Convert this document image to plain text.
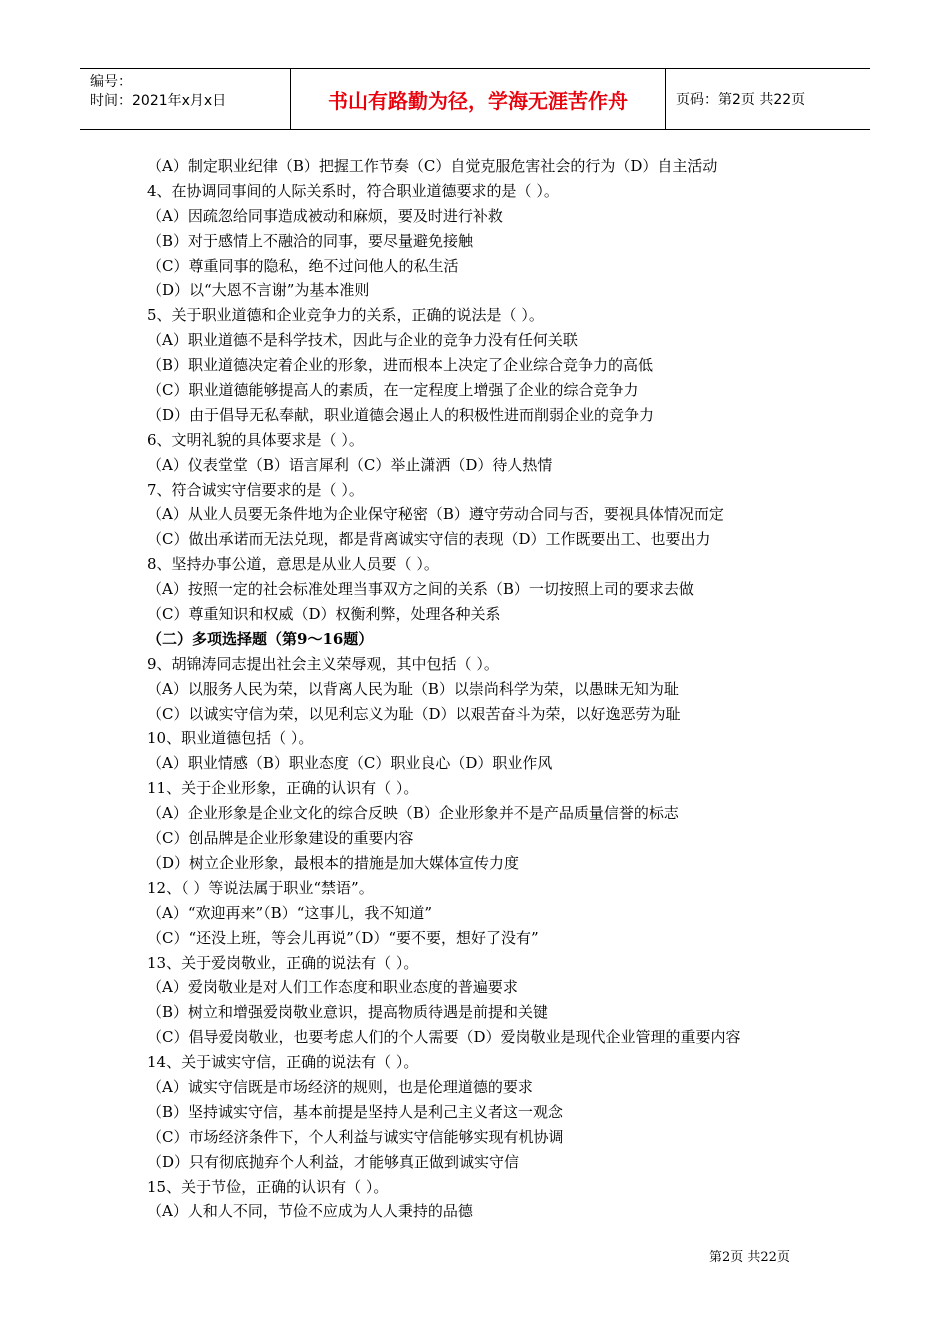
编号：
时间：2021年x月x日	书山有路勤为径，学海无涯苦作舟	页码：第2页 共22页
（A）制定职业纪律（B）把握工作节奏（C）自觉克服危害社会的行为（D）自主活动
4、在协调同事间的人际关系时，符合职业道德要求的是（ ）。
（A）因疏忽给同事造成被动和麻烦，要及时进行补救
（B）对于感情上不融洽的同事，要尽量避免接触
（C）尊重同事的隐私，绝不过问他人的私生活
（D）以“大恩不言谢”为基本准则
5、关于职业道德和企业竞争力的关系，正确的说法是（ ）。
（A）职业道德不是科学技术，因此与企业的竞争力没有任何关联
（B）职业道德决定着企业的形象，进而根本上决定了企业综合竞争力的高低
（C）职业道德能够提高人的素质，在一定程度上增强了企业的综合竞争力
（D）由于倡导无私奉献，职业道德会遏止人的积极性进而削弱企业的竞争力
6、文明礼貌的具体要求是（ ）。
（A）仪表堂堂（B）语言犀利（C）举止潇洒（D）待人热情
7、符合诚实守信要求的是（ ）。
（A）从业人员要无条件地为企业保守秘密（B）遵守劳动合同与否，要视具体情况而定
（C）做出承诺而无法兑现，都是背离诚实守信的表现（D）工作既要出工、也要出力
8、坚持办事公道，意思是从业人员要（ ）。
（A）按照一定的社会标准处理当事双方之间的关系（B）一切按照上司的要求去做
（C）尊重知识和权威（D）权衡利弊，处理各种关系
（二）多项选择题（第9～16题）
9、胡锦涛同志提出社会主义荣辱观，其中包括（ ）。
（A）以服务人民为荣，以背离人民为耻（B）以崇尚科学为荣，以愚昧无知为耻
（C）以诚实守信为荣，以见利忘义为耻（D）以艰苦奋斗为荣，以好逸恶劳为耻
10、职业道德包括（ ）。
（A）职业情感（B）职业态度（C）职业良心（D）职业作风
11、关于企业形象，正确的认识有（ ）。
（A）企业形象是企业文化的综合反映（B）企业形象并不是产品质量信誉的标志
（C）创品牌是企业形象建设的重要内容
（D）树立企业形象，最根本的措施是加大媒体宣传力度
12、（ ）等说法属于职业“禁语”。
（A）“欢迎再来”（B）“这事儿，我不知道”
（C）“还没上班，等会儿再说”（D）“要不要，想好了没有”
13、关于爱岗敬业，正确的说法有（ ）。
（A）爱岗敬业是对人们工作态度和职业态度的普遍要求
（B）树立和增强爱岗敬业意识，提高物质待遇是前提和关键
（C）倡导爱岗敬业，也要考虑人们的个人需要（D）爱岗敬业是现代企业管理的重要内容
14、关于诚实守信，正确的说法有（ ）。
（A）诚实守信既是市场经济的规则，也是伦理道德的要求
（B）坚持诚实守信，基本前提是坚持人是利己主义者这一观念
（C）市场经济条件下，个人利益与诚实守信能够实现有机协调
（D）只有彻底抛弃个人利益，才能够真正做到诚实守信
15、关于节俭，正确的认识有（ ）。
（A）人和人不同，节俭不应成为人人秉持的品德
第2页 共22页
